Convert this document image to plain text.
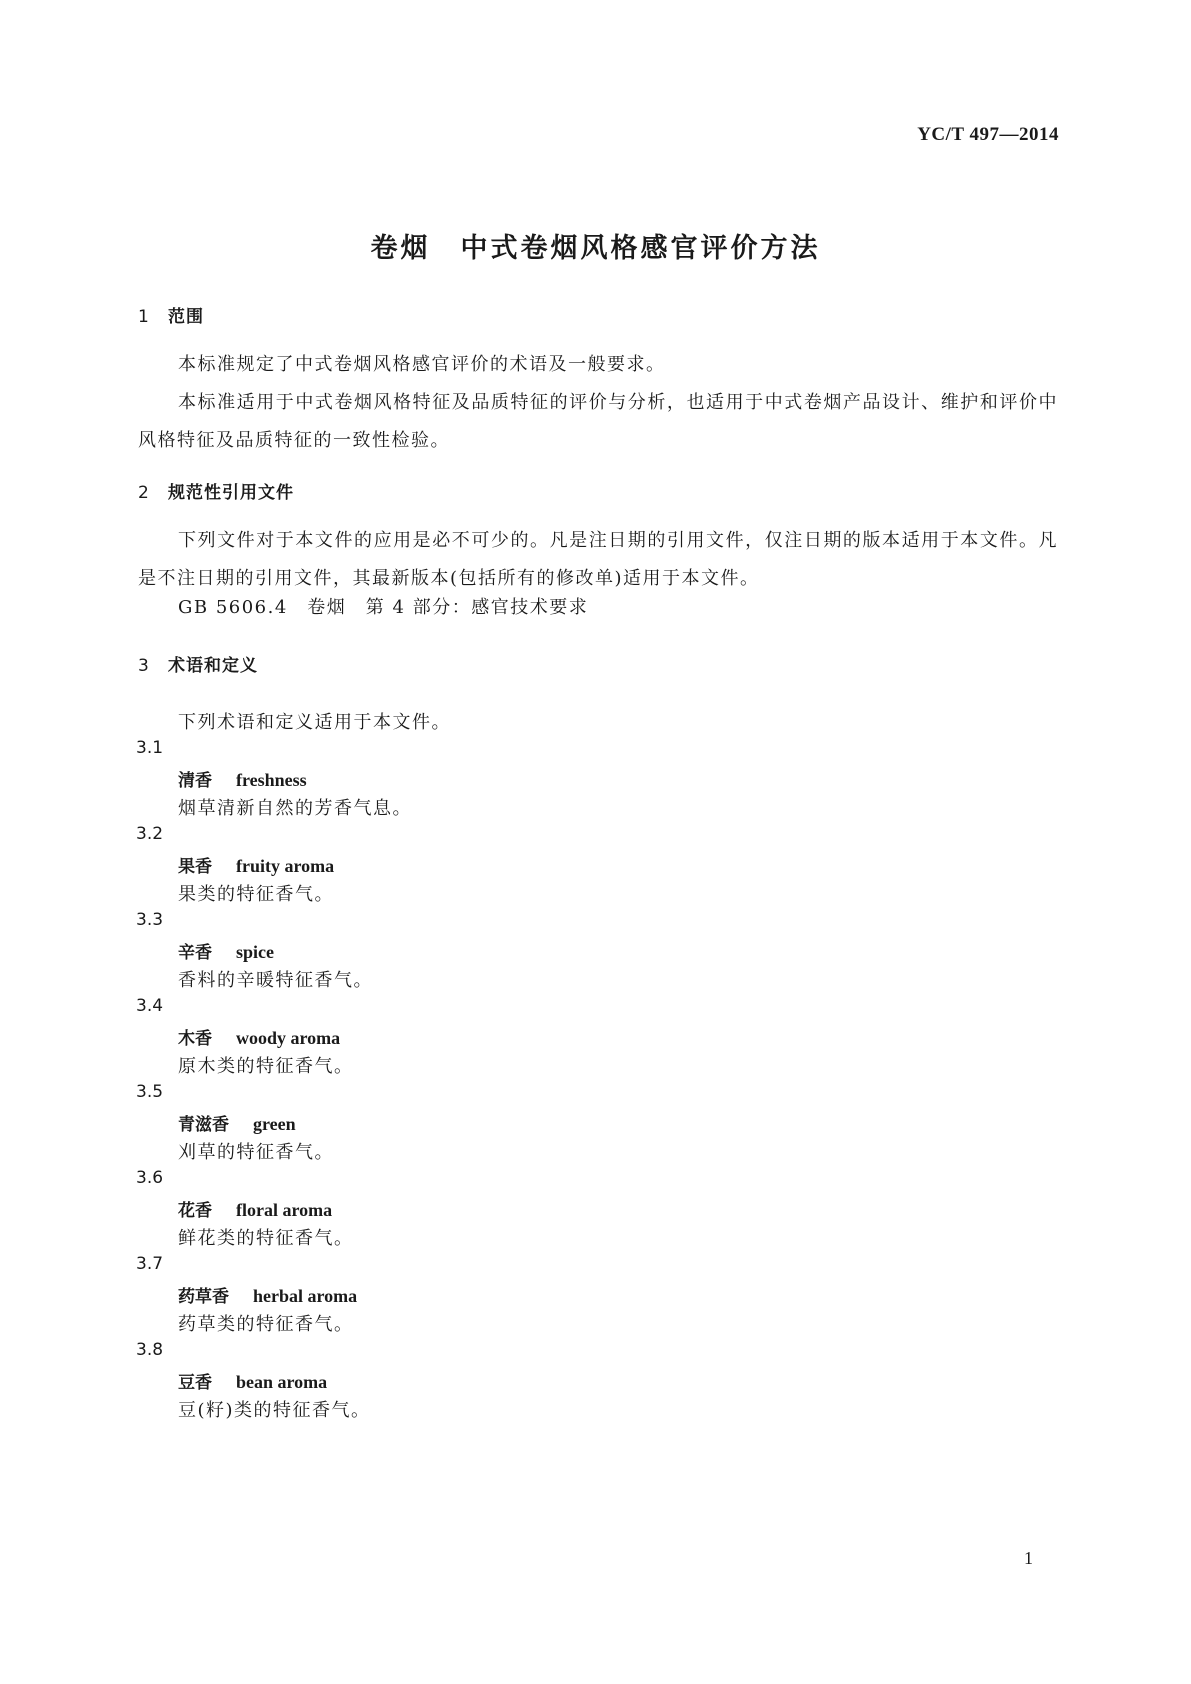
YC/T 497—2014
卷烟　中式卷烟风格感官评价方法
1 范围
本标准规定了中式卷烟风格感官评价的术语及一般要求。
本标准适用于中式卷烟风格特征及品质特征的评价与分析，也适用于中式卷烟产品设计、维护和评价中风格特征及品质特征的一致性检验。
2 规范性引用文件
下列文件对于本文件的应用是必不可少的。凡是注日期的引用文件，仅注日期的版本适用于本文件。凡是不注日期的引用文件，其最新版本(包括所有的修改单)适用于本文件。
GB 5606.4　卷烟　第 4 部分：感官技术要求
3 术语和定义
下列术语和定义适用于本文件。
3.1
清香 freshness
烟草清新自然的芳香气息。
3.2
果香 fruity aroma
果类的特征香气。
3.3
辛香 spice
香料的辛暖特征香气。
3.4
木香 woody aroma
原木类的特征香气。
3.5
青滋香 green
刈草的特征香气。
3.6
花香 floral aroma
鲜花类的特征香气。
3.7
药草香 herbal aroma
药草类的特征香气。
3.8
豆香 bean aroma
豆(籽)类的特征香气。
1
